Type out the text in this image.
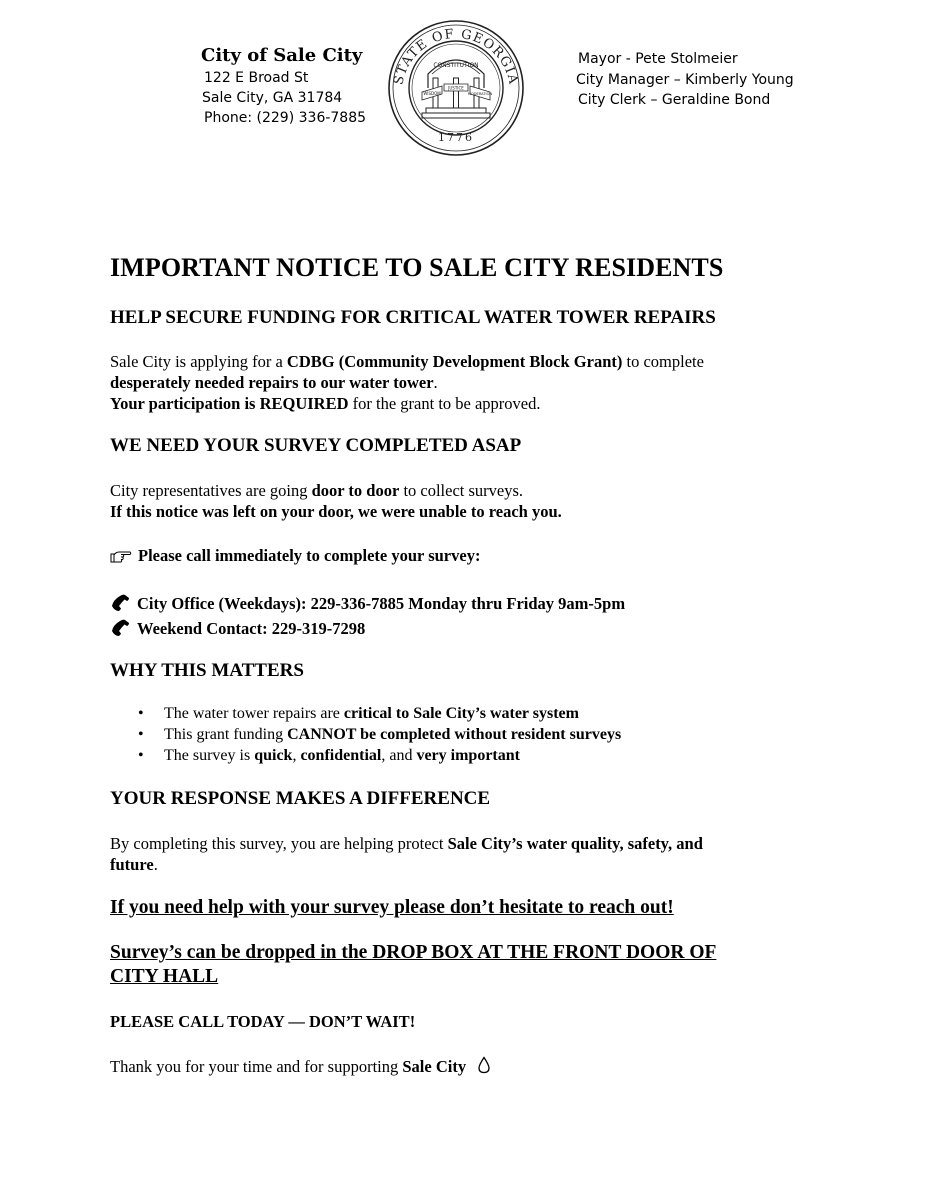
City of Sale City
122 E Broad St
Sale City, GA 31784
Phone: (229) 336-7885
STATE OF GEORGIA
CONSTITUTION
WISDOM
JUSTICE
MODERATION
1776
Mayor - Pete Stolmeier
City Manager – Kimberly Young
City Clerk – Geraldine Bond
IMPORTANT NOTICE TO SALE CITY RESIDENTS
HELP SECURE FUNDING FOR CRITICAL WATER TOWER REPAIRS
Sale City is applying for a CDBG (Community Development Block Grant) to complete
desperately needed repairs to our water tower.
Your participation is REQUIRED for the grant to be approved.
WE NEED YOUR SURVEY COMPLETED ASAP
City representatives are going door to door to collect surveys.
If this notice was left on your door, we were unable to reach you.
Please call immediately to complete your survey:
City Office (Weekdays): 229-336-7885 Monday thru Friday 9am-5pm
Weekend Contact: 229-319-7298
WHY THIS MATTERS
• The water tower repairs are critical to Sale City’s water system
• This grant funding CANNOT be completed without resident surveys
• The survey is quick, confidential, and very important
YOUR RESPONSE MAKES A DIFFERENCE
By completing this survey, you are helping protect Sale City’s water quality, safety, and
future.
If you need help with your survey please don’t hesitate to reach out!
Survey’s can be dropped in the DROP BOX AT THE FRONT DOOR OF
CITY HALL
PLEASE CALL TODAY — DON’T WAIT!
Thank you for your time and for supporting Sale City
